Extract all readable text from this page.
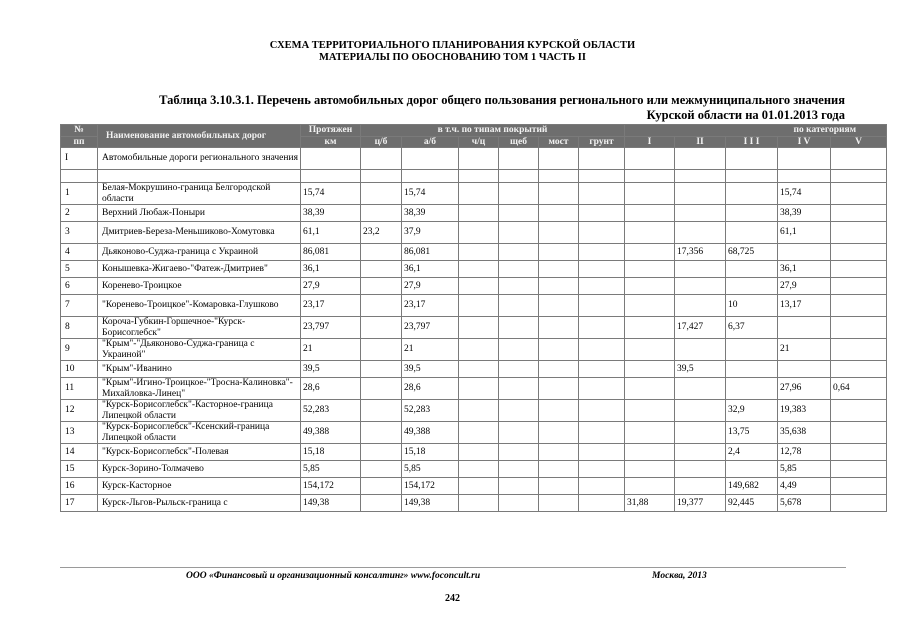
СХЕМА ТЕРРИТОРИАЛЬНОГО ПЛАНИРОВАНИЯ КУРСКОЙ ОБЛАСТИ
МАТЕРИАЛЫ ПО ОБОСНОВАНИЮ ТОМ 1 ЧАСТЬ II
Таблица 3.10.3.1. Перечень автомобильных дорог общего пользования регионального или межмуниципального значения
Курской области на 01.01.2013 года
№	Наименование автомобильных дорог	Протяжен	в т.ч. по типам покрытий						по категориям				
пп		км	ц/б	а/б	ч/ц	щеб	мост	грунт	I	II	I I I	I V	V
I	Автомобильные дороги регионального значения												

1	Белая-Мокрушино-граница Белгородской области	15,74		15,74								15,74	
2	Верхний Любаж-Поныри	38,39		38,39								38,39	
3	Дмитриев-Береза-Меньшиково-Хомутовка	61,1	23,2	37,9								61,1	
4	Дьяконово-Суджа-граница с Украиной	86,081		86,081						17,356	68,725		
5	Конышевка-Жигаево-"Фатеж-Дмитриев"	36,1		36,1								36,1	
6	Коренево-Троицкое	27,9		27,9								27,9	
7	"Коренево-Троицкое"-Комаровка-Глушково	23,17		23,17							10	13,17	
8	Короча-Губкин-Горшечное-"Курск-Борисоглебск"	23,797		23,797						17,427	6,37		
9	"Крым"-"Дьяконово-Суджа-граница с Украиной"	21		21								21	
10	"Крым"-Иванино	39,5		39,5						39,5			
11	"Крым"-Игино-Троицкое-"Тросна-Калиновка"-Михайловка-Линец"	28,6		28,6								27,96	0,64
12	"Курск-Борисоглебск"-Касторное-граница Липецкой области	52,283		52,283							32,9	19,383	
13	"Курск-Борисоглебск"-Ксенский-граница Липецкой области	49,388		49,388							13,75	35,638	
14	"Курск-Борисоглебск"-Полевая	15,18		15,18							2,4	12,78	
15	Курск-Зорино-Толмачево	5,85		5,85								5,85	
16	Курск-Касторное	154,172		154,172							149,682	4,49	
17	Курск-Льгов-Рыльск-граница с	149,38		149,38					31,88	19,377	92,445	5,678	
ООО «Финансовый и организационный консалтинг» www.foconcult.ru	Москва, 2013
242
